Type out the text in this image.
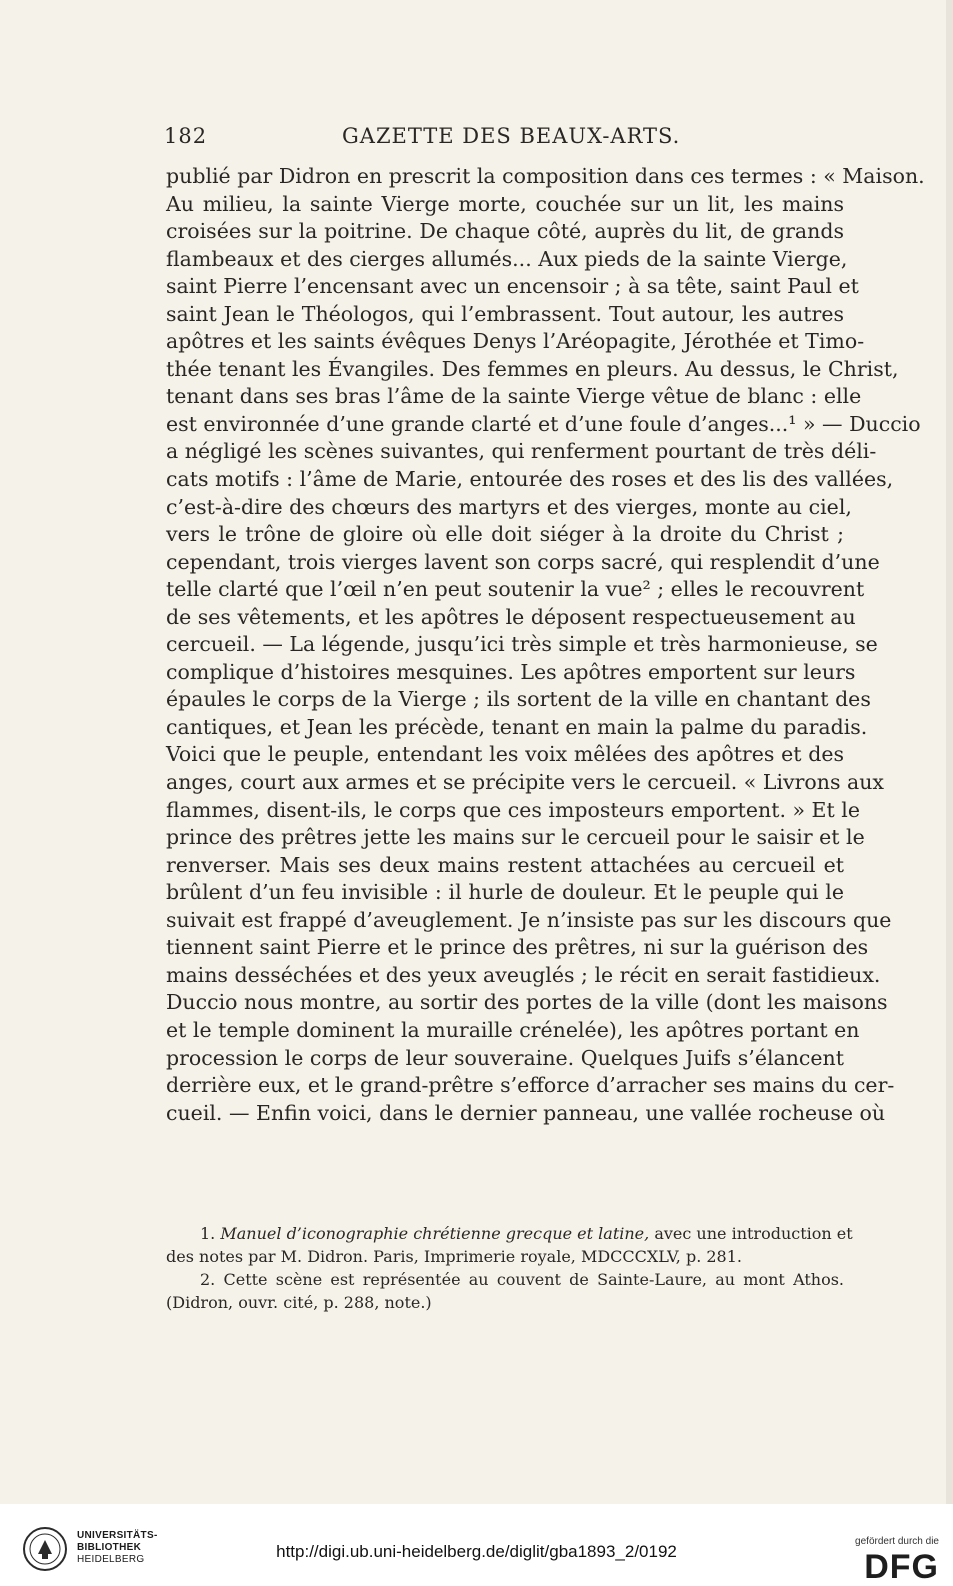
182	GAZETTE DES BEAUX-ARTS.
publié par Didron en prescrit la composition dans ces termes : « Maison.
Au milieu, la sainte Vierge morte, couchée sur un lit, les mains
croisées sur la poitrine. De chaque côté, auprès du lit, de grands
flambeaux et des cierges allumés... Aux pieds de la sainte Vierge,
saint Pierre l’encensant avec un encensoir ; à sa tête, saint Paul et
saint Jean le Théologos, qui l’embrassent. Tout autour, les autres
apôtres et les saints évêques Denys l’Aréopagite, Jérothée et Timo-
thée tenant les Évangiles. Des femmes en pleurs. Au dessus, le Christ,
tenant dans ses bras l’âme de la sainte Vierge vêtue de blanc : elle
est environnée d’une grande clarté et d’une foule d’anges...¹ » — Duccio
a négligé les scènes suivantes, qui renferment pourtant de très déli-
cats motifs : l’âme de Marie, entourée des roses et des lis des vallées,
c’est-à-dire des chœurs des martyrs et des vierges, monte au ciel,
vers le trône de gloire où elle doit siéger à la droite du Christ ;
cependant, trois vierges lavent son corps sacré, qui resplendit d’une
telle clarté que l’œil n’en peut soutenir la vue² ; elles le recouvrent
de ses vêtements, et les apôtres le déposent respectueusement au
cercueil. — La légende, jusqu’ici très simple et très harmonieuse, se
complique d’histoires mesquines. Les apôtres emportent sur leurs
épaules le corps de la Vierge ; ils sortent de la ville en chantant des
cantiques, et Jean les précède, tenant en main la palme du paradis.
Voici que le peuple, entendant les voix mêlées des apôtres et des
anges, court aux armes et se précipite vers le cercueil. « Livrons aux
flammes, disent-ils, le corps que ces imposteurs emportent. » Et le
prince des prêtres jette les mains sur le cercueil pour le saisir et le
renverser. Mais ses deux mains restent attachées au cercueil et
brûlent d’un feu invisible : il hurle de douleur. Et le peuple qui le
suivait est frappé d’aveuglement. Je n’insiste pas sur les discours que
tiennent saint Pierre et le prince des prêtres, ni sur la guérison des
mains desséchées et des yeux aveuglés ; le récit en serait fastidieux.
Duccio nous montre, au sortir des portes de la ville (dont les maisons
et le temple dominent la muraille crénelée), les apôtres portant en
procession le corps de leur souveraine. Quelques Juifs s’élancent
derrière eux, et le grand-prêtre s’efforce d’arracher ses mains du cer-
cueil. — Enfin voici, dans le dernier panneau, une vallée rocheuse où
1. Manuel d’iconographie chrétienne grecque et latine, avec une introduction et
des notes par M. Didron. Paris, Imprimerie royale, MDCCCXLV, p. 281.
2. Cette scène est représentée au couvent de Sainte-Laure, au mont Athos.
(Didron, ouvr. cité, p. 288, note.)
UNIVERSITÄTS-
BIBLIOTHEK
HEIDELBERG	http://digi.ub.uni-heidelberg.de/diglit/gba1893_2/0192
gefördert durch die
DFG
